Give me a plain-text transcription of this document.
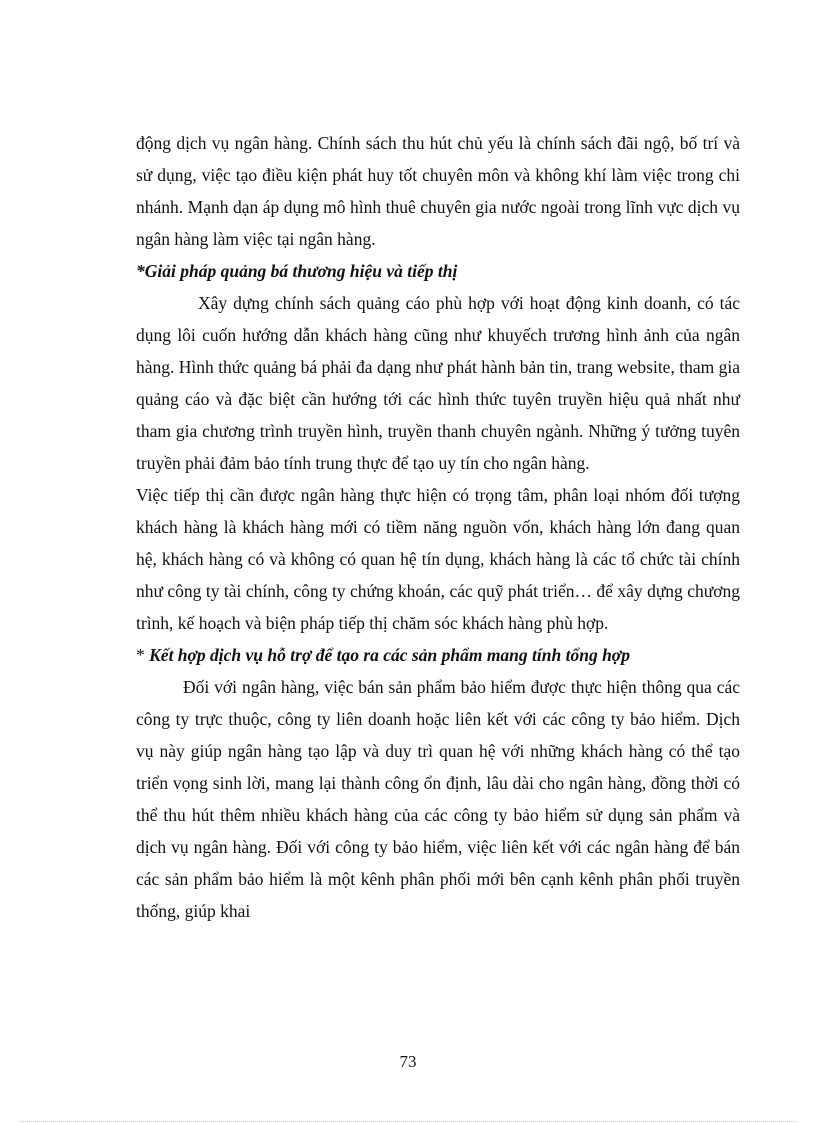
động dịch vụ ngân hàng. Chính sách thu hút chủ yếu là chính sách đãi ngộ, bố trí và sử dụng, việc tạo điều kiện phát huy tốt chuyên môn và không khí làm việc trong chi nhánh. Mạnh dạn áp dụng mô hình thuê chuyên gia nước ngoài trong lĩnh vực dịch vụ ngân hàng làm việc tại ngân hàng.

*Giải pháp quảng bá thương hiệu và tiếp thị

Xây dựng chính sách quảng cáo phù hợp với hoạt động kinh doanh, có tác dụng lôi cuốn hướng dẫn khách hàng cũng như khuyếch trương hình ảnh của ngân hàng. Hình thức quảng bá phải đa dạng như phát hành bản tin, trang website, tham gia quảng cáo và đặc biệt cần hướng tới các hình thức tuyên truyền hiệu quả nhất như tham gia chương trình truyền hình, truyền thanh chuyên ngành. Những ý tưởng tuyên truyền phải đảm bảo tính trung thực để tạo uy tín cho ngân hàng.

Việc tiếp thị cần được ngân hàng thực hiện có trọng tâm, phân loại nhóm đối tượng khách hàng là khách hàng mới có tiềm năng nguồn vốn, khách hàng lớn đang quan hệ, khách hàng có và không có quan hệ tín dụng, khách hàng là các tổ chức tài chính như công ty tài chính, công ty chứng khoán, các quỹ phát triển… để xây dựng chương trình, kế hoạch và biện pháp tiếp thị chăm sóc khách hàng phù hợp.

* Kết hợp dịch vụ hỗ trợ để tạo ra các sản phẩm mang tính tổng hợp

Đối với ngân hàng, việc bán sản phẩm bảo hiểm được thực hiện thông qua các công ty trực thuộc, công ty liên doanh hoặc liên kết với các công ty bảo hiểm. Dịch vụ này giúp ngân hàng tạo lập và duy trì quan hệ với những khách hàng có thể tạo triển vọng sinh lời, mang lại thành công ổn định, lâu dài cho ngân hàng, đồng thời có thể thu hút thêm nhiều khách hàng của các công ty bảo hiểm sử dụng sản phẩm và dịch vụ ngân hàng. Đối với công ty bảo hiểm, việc liên kết với các ngân hàng để bán các sản phẩm bảo hiểm là một kênh phân phối mới bên cạnh kênh phân phối truyền thống, giúp khai

73
